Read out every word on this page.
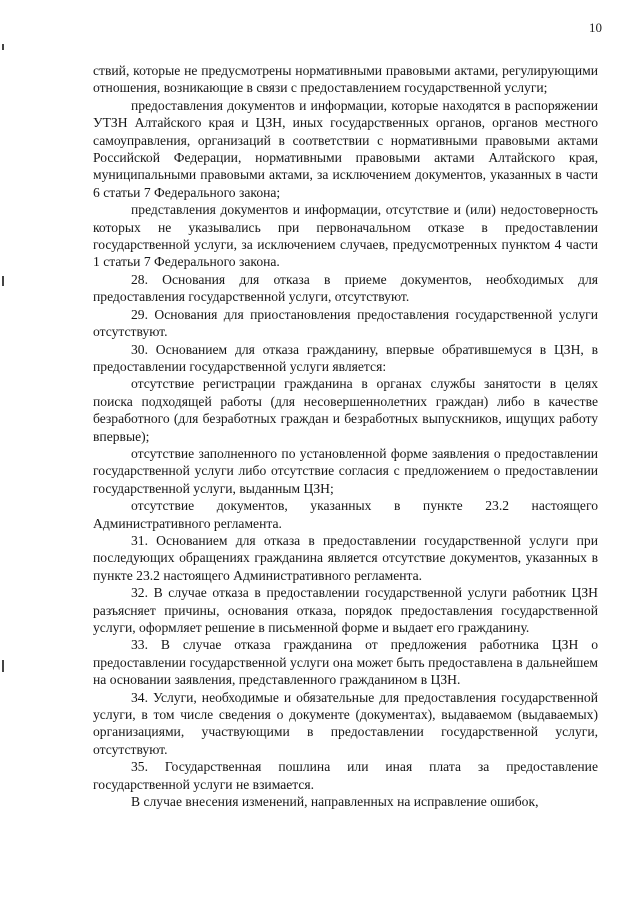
10

ствий, которые не предусмотрены нормативными правовыми актами, регулирующими отношения, возникающие в связи с предоставлением государственной услуги;

предоставления документов и информации, которые находятся в распоряжении УТЗН Алтайского края и ЦЗН, иных государственных органов, органов местного самоуправления, организаций в соответствии с нормативными правовыми актами Российской Федерации, нормативными правовыми актами Алтайского края, муниципальными правовыми актами, за исключением документов, указанных в части 6 статьи 7 Федерального закона;

представления документов и информации, отсутствие и (или) недостоверность которых не указывались при первоначальном отказе в предоставлении государственной услуги, за исключением случаев, предусмотренных пунктом 4 части 1 статьи 7 Федерального закона.

28. Основания для отказа в приеме документов, необходимых для предоставления государственной услуги, отсутствуют.

29. Основания для приостановления предоставления государственной услуги отсутствуют.

30. Основанием для отказа гражданину, впервые обратившемуся в ЦЗН, в предоставлении государственной услуги является:

отсутствие регистрации гражданина в органах службы занятости в целях поиска подходящей работы (для несовершеннолетних граждан) либо в качестве безработного (для безработных граждан и безработных выпускников, ищущих работу впервые);

отсутствие заполненного по установленной форме заявления о предоставлении государственной услуги либо отсутствие согласия с предложением о предоставлении государственной услуги, выданным ЦЗН;

отсутствие документов, указанных в пункте 23.2 настоящего Административного регламента.

31. Основанием для отказа в предоставлении государственной услуги при последующих обращениях гражданина является отсутствие документов, указанных в пункте 23.2 настоящего Административного регламента.

32. В случае отказа в предоставлении государственной услуги работник ЦЗН разъясняет причины, основания отказа, порядок предоставления государственной услуги, оформляет решение в письменной форме и выдает его гражданину.

33. В случае отказа гражданина от предложения работника ЦЗН о предоставлении государственной услуги она может быть предоставлена в дальнейшем на основании заявления, представленного гражданином в ЦЗН.

34. Услуги, необходимые и обязательные для предоставления государственной услуги, в том числе сведения о документе (документах), выдаваемом (выдаваемых) организациями, участвующими в предоставлении государственной услуги, отсутствуют.

35. Государственная пошлина или иная плата за предоставление государственной услуги не взимается.

В случае внесения изменений, направленных на исправление ошибок,
